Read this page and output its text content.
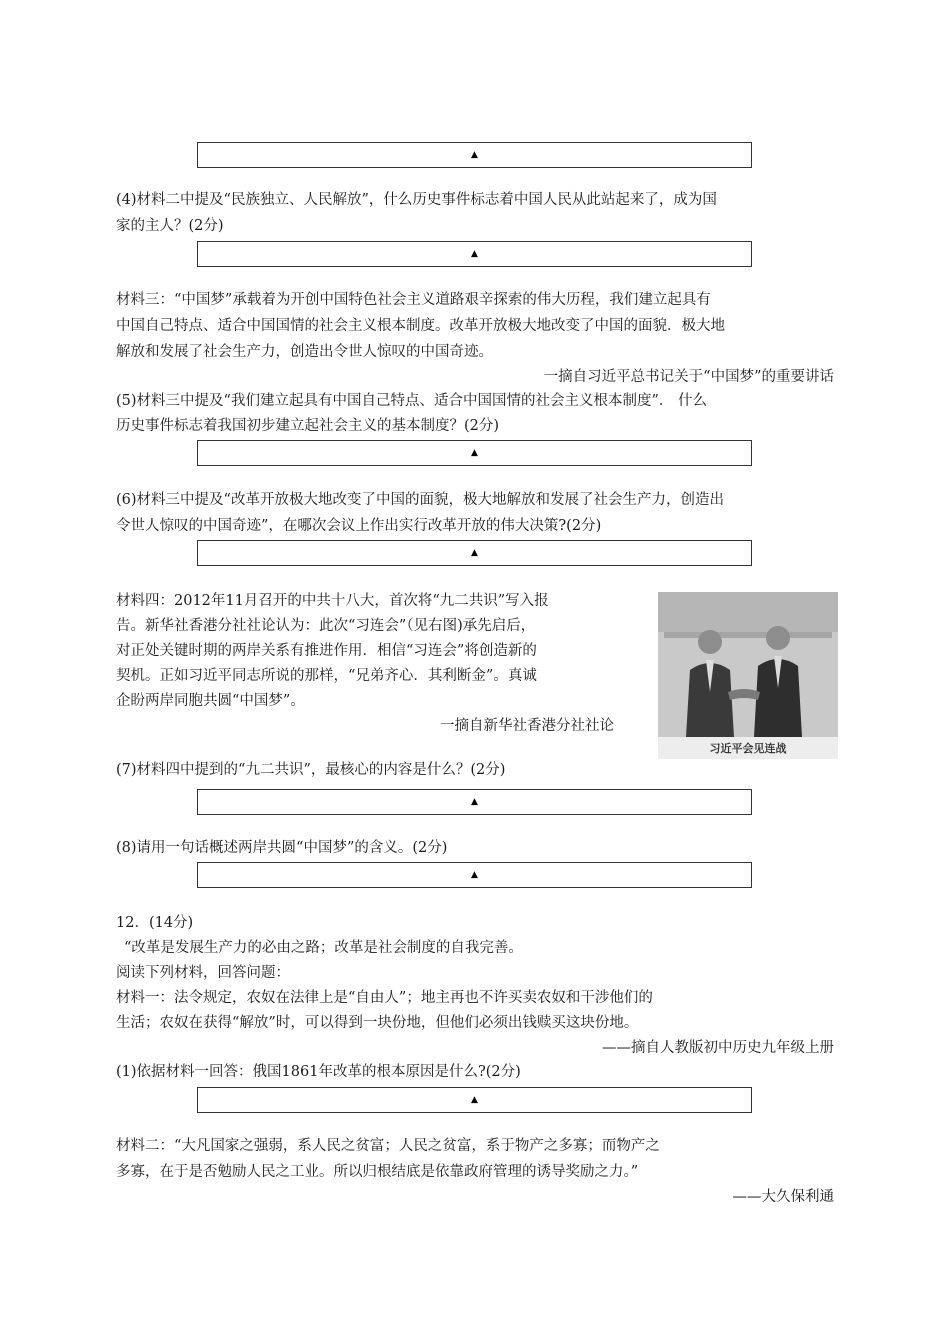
▲
(4)材料二中提及“民族独立、人民解放”，什么历史事件标志着中国人民从此站起来了，成为国
家的主人？(2分)
▲
材料三：“中国梦”承载着为开创中国特色社会主义道路艰辛探索的伟大历程，我们建立起具有
中国自己特点、适合中国国情的社会主义根本制度。改革开放极大地改变了中国的面貌．极大地
解放和发展了社会生产力，创造出令世人惊叹的中国奇迹。
一摘自习近平总书记关于“中国梦”的重要讲话
(5)材料三中提及“我们建立起具有中国自己特点、适合中国国情的社会主义根本制度”． 什么
历史事件标志着我国初步建立起社会主义的基本制度？(2分)
▲
(6)材料三中提及“改革开放极大地改变了中国的面貌，极大地解放和发展了社会生产力，创造出
令世人惊叹的中国奇迹”，在哪次会议上作出实行改革开放的伟大决策?(2分)
▲
材料四：2012年11月召开的中共十八大，首次将“九二共识”写入报
告。新华社香港分社社论认为：此次“习连会”（见右图)承先启后，
对正处关键时期的两岸关系有推进作用．相信“习连会”将创造新的
契机。正如习近平同志所说的那样，“兄弟齐心．其利断金”。真诚
企盼两岸同胞共圆“中国梦”。
一摘自新华社香港分社社论
习近平会见连战
(7)材料四中提到的“九二共识”，最核心的内容是什么？(2分)
▲
(8)请用一句话概述两岸共圆“中国梦”的含义。(2分)
▲
12．(14分)
“改革是发展生产力的必由之路；改革是社会制度的自我完善。
阅读下列材料，回答问题：
材料一：法令规定，农奴在法律上是“自由人”；地主再也不许买卖农奴和干涉他们的
生活；农奴在获得“解放”时，可以得到一块份地，但他们必须出钱赎买这块份地。
——摘自人教版初中历史九年级上册
(1)依据材料一回答：俄国1861年改革的根本原因是什么?(2分)
▲
材料二：“大凡国家之强弱，系人民之贫富；人民之贫富，系于物产之多寡；而物产之
多寡，在于是否勉励人民之工业。所以归根结底是依靠政府管理的诱导奖励之力。”
——大久保利通
